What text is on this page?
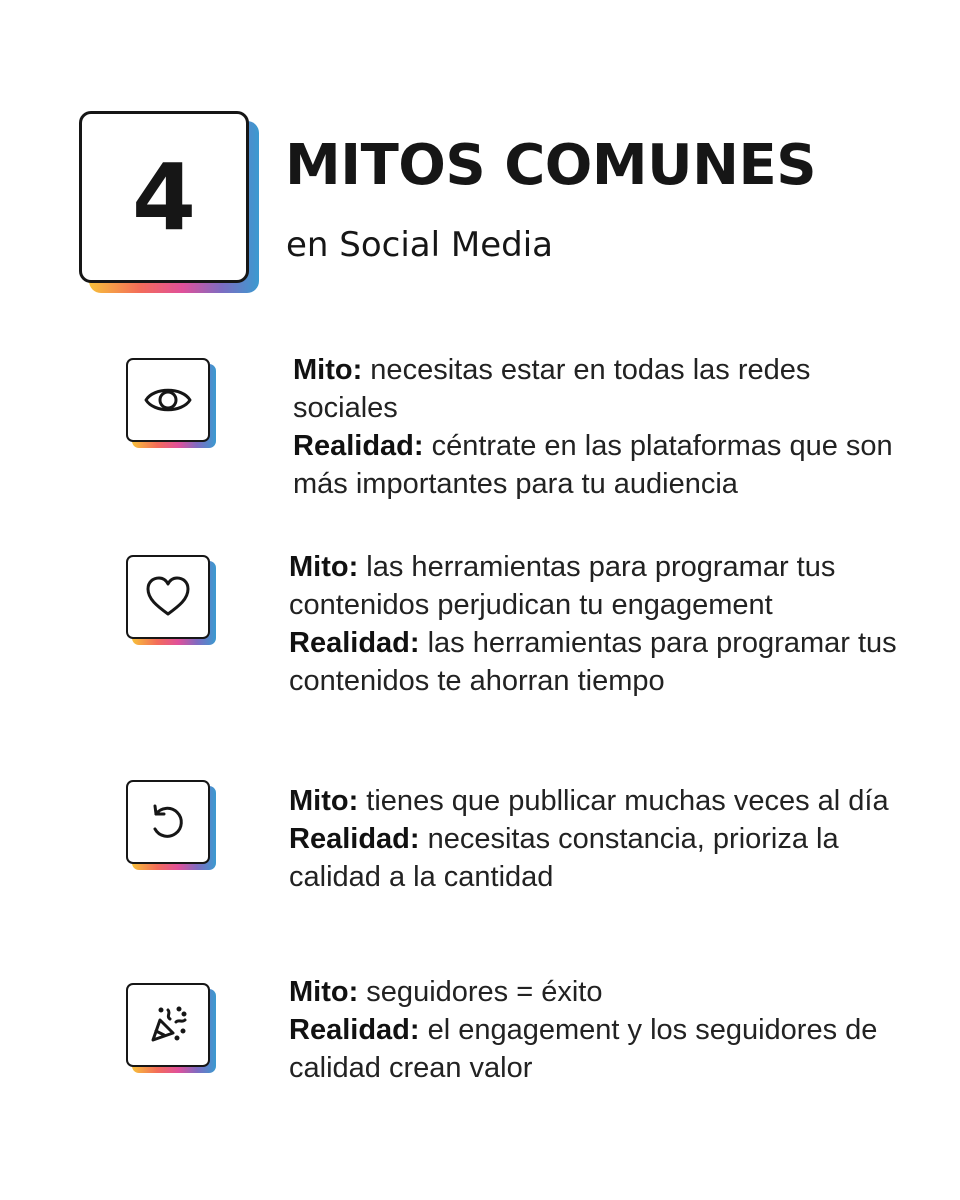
4 MITOS COMUNES
en Social Media

Mito: necesitas estar en todas las redes sociales

Realidad: céntrate en las plataformas que son más importantes para tu audiencia

Mito: las herramientas para programar tus contenidos perjudican tu engagement

Realidad: las herramientas para programar tus contenidos te ahorran tiempo

Mito: tienes que publlicar muchas veces al día

Realidad: necesitas constancia, prioriza la calidad a la cantidad

Mito: seguidores = éxito

Realidad: el engagement y los seguidores de calidad crean valor
